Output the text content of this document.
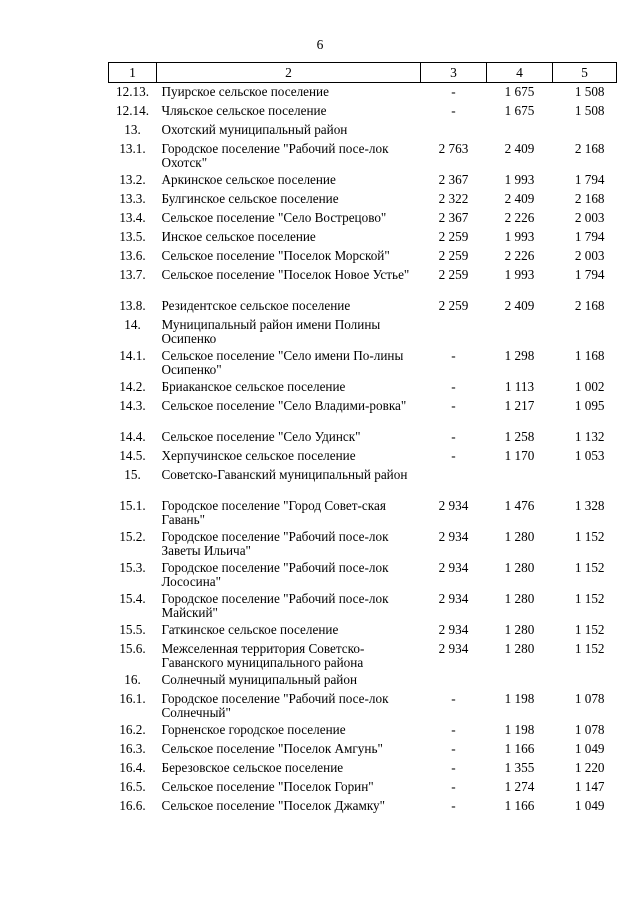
6
1	2	3	4	5
12.13.	Пуирское сельское поселение	-	1 675	1 508
12.14.	Чляьское сельское поселение	-	1 675	1 508
13.	Охотский муниципальный район			
13.1.	Городское поселение "Рабочий посе-лок Охотск"	2 763	2 409	2 168
13.2.	Аркинское сельское поселение	2 367	1 993	1 794
13.3.	Булгинское сельское поселение	2 322	2 409	2 168
13.4.	Сельское поселение "Село Вострецово"	2 367	2 226	2 003
13.5.	Инское сельское поселение	2 259	1 993	1 794
13.6.	Сельское поселение "Поселок Морской"	2 259	2 226	2 003
13.7.	Сельское поселение "Поселок Новое Устье"	2 259	1 993	1 794
13.8.	Резидентское сельское поселение	2 259	2 409	2 168
14.	Муниципальный район имени Полины Осипенко			
14.1.	Сельское поселение "Село имени По-лины Осипенко"	-	1 298	1 168
14.2.	Бриаканское сельское поселение	-	1 113	1 002
14.3.	Сельское поселение "Село Владими-ровка"	-	1 217	1 095
14.4.	Сельское поселение "Село Удинск"	-	1 258	1 132
14.5.	Херпучинское сельское поселение	-	1 170	1 053
15.	Советско-Гаванский муниципальный район			
15.1.	Городское поселение "Город Совет-ская Гавань"	2 934	1 476	1 328
15.2.	Городское поселение "Рабочий посе-лок Заветы Ильича"	2 934	1 280	1 152
15.3.	Городское поселение "Рабочий посе-лок Лососина"	2 934	1 280	1 152
15.4.	Городское поселение "Рабочий посе-лок Майский"	2 934	1 280	1 152
15.5.	Гаткинское сельское поселение	2 934	1 280	1 152
15.6.	Межселенная территория Советско-Гаванского муниципального района	2 934	1 280	1 152
16.	Солнечный муниципальный район			
16.1.	Городское поселение "Рабочий посе-лок Солнечный"	-	1 198	1 078
16.2.	Горненское городское поселение	-	1 198	1 078
16.3.	Сельское поселение "Поселок Амгунь"	-	1 166	1 049
16.4.	Березовское сельское поселение	-	1 355	1 220
16.5.	Сельское поселение "Поселок Горин"	-	1 274	1 147
16.6.	Сельское поселение "Поселок Джамку"	-	1 166	1 049
